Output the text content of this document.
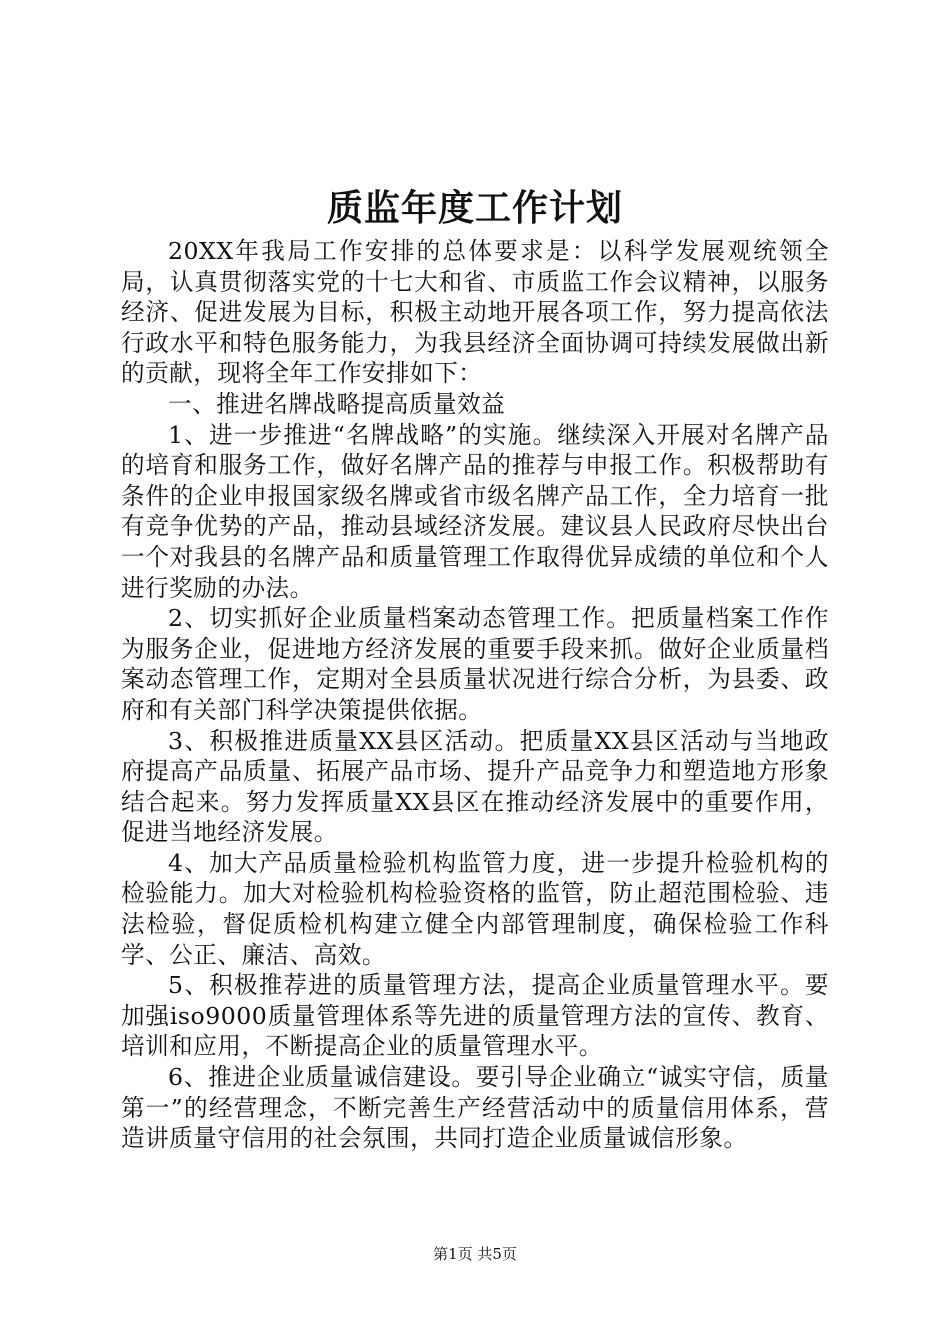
质监年度工作计划

20XX年我局工作安排的总体要求是：以科学发展观统领全局，认真贯彻落实党的十七大和省、市质监工作会议精神，以服务经济、促进发展为目标，积极主动地开展各项工作，努力提高依法行政水平和特色服务能力，为我县经济全面协调可持续发展做出新的贡献，现将全年工作安排如下：

一、推进名牌战略提高质量效益

1、进一步推进“名牌战略”的实施。继续深入开展对名牌产品的培育和服务工作，做好名牌产品的推荐与申报工作。积极帮助有条件的企业申报国家级名牌或省市级名牌产品工作，全力培育一批有竞争优势的产品，推动县域经济发展。建议县人民政府尽快出台一个对我县的名牌产品和质量管理工作取得优异成绩的单位和个人进行奖励的办法。

2、切实抓好企业质量档案动态管理工作。把质量档案工作作为服务企业，促进地方经济发展的重要手段来抓。做好企业质量档案动态管理工作，定期对全县质量状况进行综合分析，为县委、政府和有关部门科学决策提供依据。

3、积极推进质量XX县区活动。把质量XX县区活动与当地政府提高产品质量、拓展产品市场、提升产品竞争力和塑造地方形象结合起来。努力发挥质量XX县区在推动经济发展中的重要作用，促进当地经济发展。

4、加大产品质量检验机构监管力度，进一步提升检验机构的检验能力。加大对检验机构检验资格的监管，防止超范围检验、违法检验，督促质检机构建立健全内部管理制度，确保检验工作科学、公正、廉洁、高效。

5、积极推荐进的质量管理方法，提高企业质量管理水平。要加强iso9000质量管理体系等先进的质量管理方法的宣传、教育、培训和应用，不断提高企业的质量管理水平。

6、推进企业质量诚信建设。要引导企业确立“诚实守信，质量第一”的经营理念，不断完善生产经营活动中的质量信用体系，营造讲质量守信用的社会氛围，共同打造企业质量诚信形象。

第1页 共5页
